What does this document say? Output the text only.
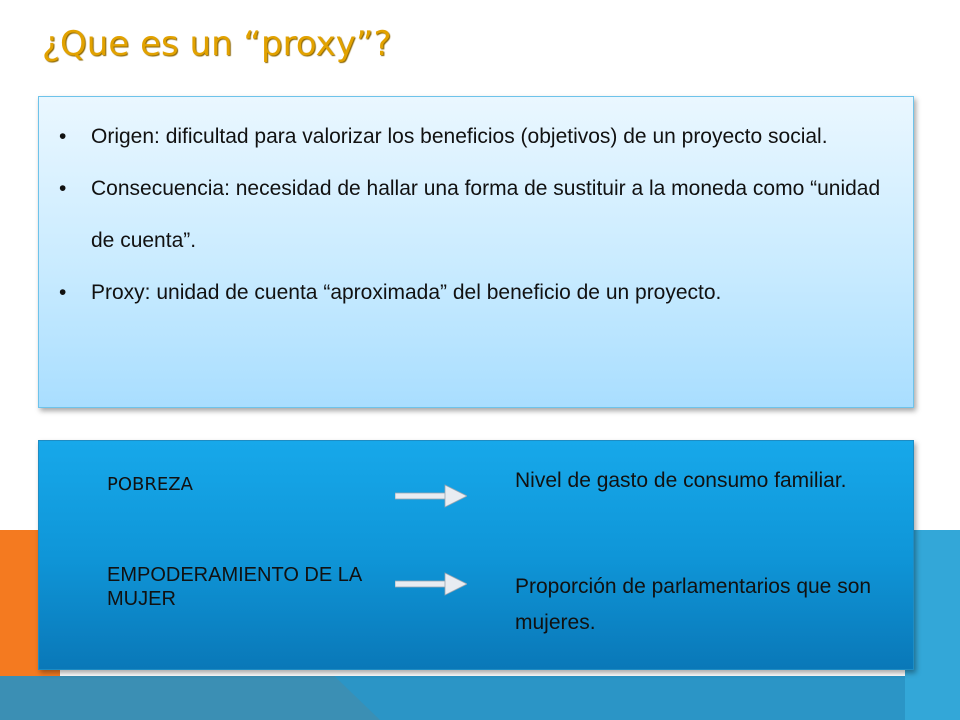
¿Que es un “proxy”?
• Origen: dificultad para valorizar los beneficios (objetivos) de un proyecto social.
• Consecuencia: necesidad de hallar una forma de sustituir a la moneda como “unidad de cuenta”.
• Proxy: unidad de cuenta “aproximada” del beneficio de un proyecto.
POBREZA	Nivel de gasto de consumo familiar.
EMPODERAMIENTO DE LA MUJER
Proporción de parlamentarios que son mujeres.
